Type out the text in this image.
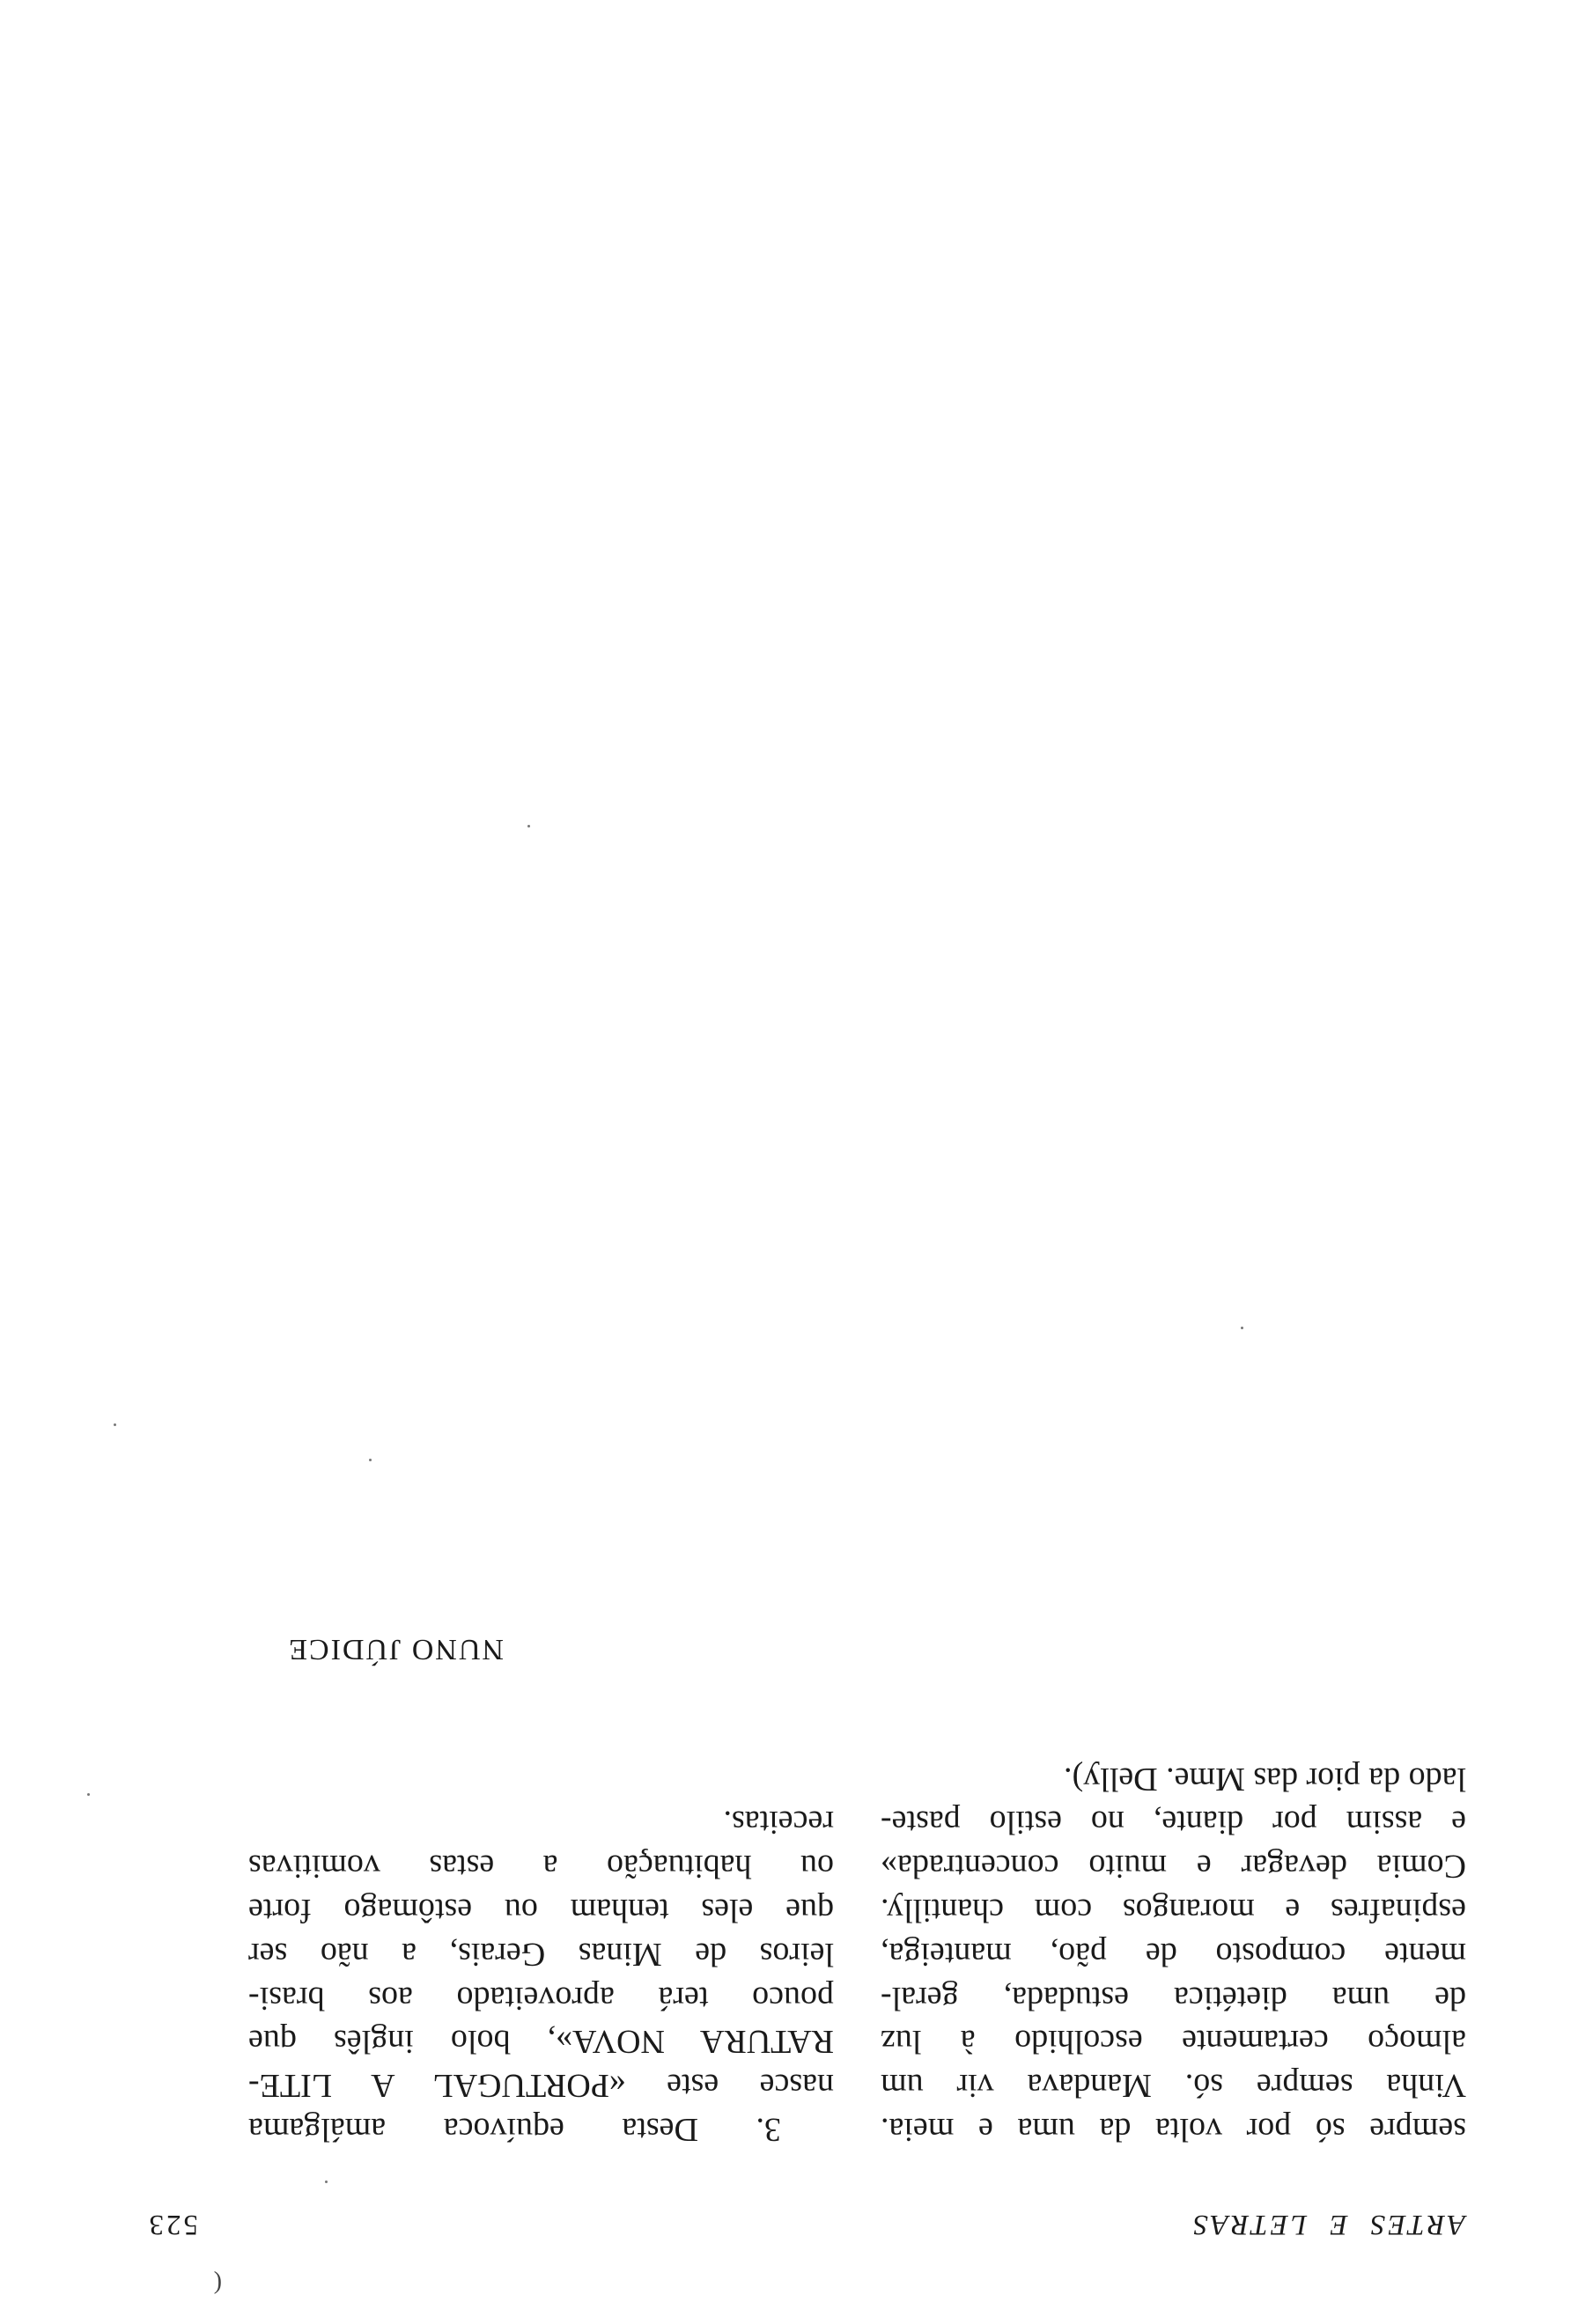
ARTES E LETRAS
523

sempre só por volta da uma e meia.

Vinha sempre só. Mandava vir um

almoço certamente escolhido à luz

de uma dietética estudada, geral-

mente composto de pão, manteiga,

espinafres e morangos com chantilly.

Comia devagar e muito concentrada»

e assim por diante, no estilo paste-

lado da pior das Mme. Delly).

3. Desta equívoca amálgama

nasce este «PORTUGAL A LITE-

RATURA NOVA», bolo inglês que

pouco terá aproveitado aos brasi-

leiros de Minas Gerais, a não ser

que eles tenham ou estômago forte

ou habituação a estas vomitivas

receitas.

NUNO JÚDICE
(
